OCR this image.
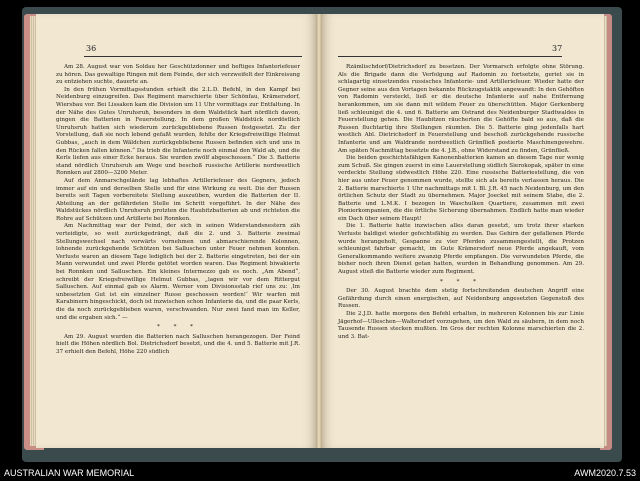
36

Am 28. August war von Soldau her Geschützdonner und heftiges Infanteriefeuer zu hören. Das gewaltige Ringen mit dem Feinde, der sich verzweifelt der Einkreisung zu entziehen suchte, dauerte an.

In den frühen Vormittagsstunden erhielt die 2.L.D. Befehl, in den Kampf bei Neidenburg einzugreifen. Das Regiment marschierte über Schönfau, Krämersdorf, Wiersbau vor. Bei Lissaken kam die Division um 11 Uhr vormittags zur Entfaltung. In der Nähe des Gutes Unruhsruh, besonders in dem Waldstück hart nördlich davon, gingen die Batterien in Feuerstellung. In dem großen Waldstück nordöstlich Unruhsruh hatten sich wiederum zurückgebliebene Russen festgesetzt. Zu der Vorstellung, daß sie noch lebend gefaßt wurden, fehlte der Kriegsfreiwillige Helmut Gubbas, „auch in dem Wäldchen zurückgebliebene Russen befinden sich und uns in den Rücken fallen können.“ Da trieb die Infanterie noch einmal den Wald ab, und die Kerls liefen aus einer Ecke heraus. Sie wurden zwölf abgeschossen.“ Die 3. Batterie stand nördlich Unruhsruh am Wege und beschoß russische Artillerie nordwestlich Ronnken auf 2800—3200 Meter.

Auf dem Anmarschgelände lag lebhaftes Artilleriefeuer des Gegners, jedoch immer auf ein und derselben Stelle und für eine Wirkung zu weit. Die der Russen bereits seit Tagen vorbereitete Stellung auszuüben, wurden die Batterien der II. Abteilung an der gefährdeten Stelle im Schritt vorgeführt. In der Nähe des Waldstückes nördlich Unruhsruh protzten die Haubitzbatterien ab und richteten die Rohre auf Schützen und Artillerie bei Ronnken.

Am Nachmittag war der Feind, der sich in seinen Widerstandsnestern zäh verteidigte, so weit zurückgedrängt, daß die 2. und 3. Batterie zweimal Stellungswechsel nach vorwärts vornehmen und abmarschierende Kolonnen, lohnende zurückgehende Schützen bei Salluschen unter Feuer nehmen konnten. Verluste waren an diesem Tage lediglich bei der 2. Batterie eingetreten, bei der ein Mann verwundet und zwei Pferde getötet worden waren. Das Regiment biwakierte bei Ronnken und Salluschen. Ein kleines Intermezzo gab es noch. „Am Abend“, schreibt der Kriegsfreiwillige Helmut Gubbas, „lagen wir vor dem Rittergut Salluschen. Auf einmal gab es Alarm. Werner vom Divisionsstab rief uns zu: ‚Im unbesetzten Gut ist ein einzelner Russe geschossen worden!‘ Wir warfen mit Karabinern hingeschickt, doch ist inzwischen schon Infanterie da, und die paar Kerls, die da noch zurückgeblieben waren, verschwanden. Nur zwei fand man im Keller, und die ergaben sich.“ —

* * *

Am 29. August wurden die Batterien nach Salluschen herangezogen. Der Feind hielt die Höhen nördlich Bol. Dietrichsdorf besetzt, und die 4. und 5. Batterie mit J.R. 37 erhielt den Befehl, Höhe 220 südlich

37

Rzämlischdorf/Dietrichsdorf zu besetzen. Der Vormarsch erfolgte ohne Störung. Als die Brigade dann die Verfolgung auf Radomin zu fortsetzte, geriet sie in schlagartig einsetzendes russisches Infanterie- und Artilleriefeuer. Wieder hatte der Gegner seine aus den Vortagen bekannte Rückzugstaktik angewandt: In den Gehöften von Radomin versteckt, ließ er die deutsche Infanterie auf nahe Entfernung herankommen, um sie dann mit wildem Feuer zu überschütten. Major Gerkenberg ließ schleunigst die 4. und 6. Batterie am Ostrand des Neidenburger Stadtwaldes in Feuerstellung gehen. Die Haubitzen räucherten die Gehöfte bald so aus, daß die Russen fluchtartig ihre Stellungen räumten. Die 5. Batterie ging jedenfalls hart westlich Abl. Dietrichsdorf in Feuerstellung und beschoß zurückgehende russische Infanterie und am Waldrande nordwestlich Grünfließ postierte Maschinengewehre. Am späten Nachmittag besetzte die 4. J.B., ohne Widerstand zu finden, Grünfließ.

Die beiden geschichtsfähigen Kanonenbatterien kamen an diesem Tage nur wenig zum Schuß. Sie gingen zuerst in eine Lauerstellung südlich Sierokopak, später in eine verdeckte Stellung südwestlich Höhe 220. Eine russische Batteriestellung, die von hier aus unter Feuer genommen wurde, stellte sich als bereits verlassen heraus. Die 2. Batterie marschierte 1 Uhr nachmittags mit I. Bl. J.R. 45 nach Neidenburg, um den örtlichen Schutz der Stadt zu übernehmen. Major Joeckel mit seinem Stabe, die 2. Batterie und L.M.K. I bezogen in Waschulken Quartiere, zusammen mit zwei Pionierkompanien, die die örtliche Sicherung übernahmen. Endlich hatte man wieder ein Dach über seinem Haupt!

Die 1. Batterie hatte inzwischen alles daran gesetzt, um trotz ihrer starken Verluste baldigst wieder gefechtsfähig zu werden. Das Gehirn der gefallenen Pferde wurde herangeholt, Gespanne zu vier Pferden zusammengestellt, die Protzen schleunigst fahrbar gemacht, im Gute Krämersdorf neue Pferde angekauft, vom Generalkommando weitere zwanzig Pferde empfangen. Die verwundeten Pferde, die bisher noch ihren Dienst getan hatten, wurden in Behandlung genommen. Am 29. August stieß die Batterie wieder zum Regiment.

* * *

Der 30. August brachte dem stetig fortschreitenden deutschen Angriff eine Gefährdung durch einen energischen, auf Neidenburg angesetzten Gegenstoß des Russen.

Die 2.J.D. hatte morgens den Befehl erhalten, in mehreren Kolonnen bis zur Linie Jägerhof—Ulleschen—Waltersdorf vorzugehen, um den Wald zu säubern, in dem noch Tausende Russen stecken mußten. Im Gros der rechten Kolonne marschierten die 2. und 3. Bat-

AUSTRALIAN WAR MEMORIAL	AWM2020.7.53
